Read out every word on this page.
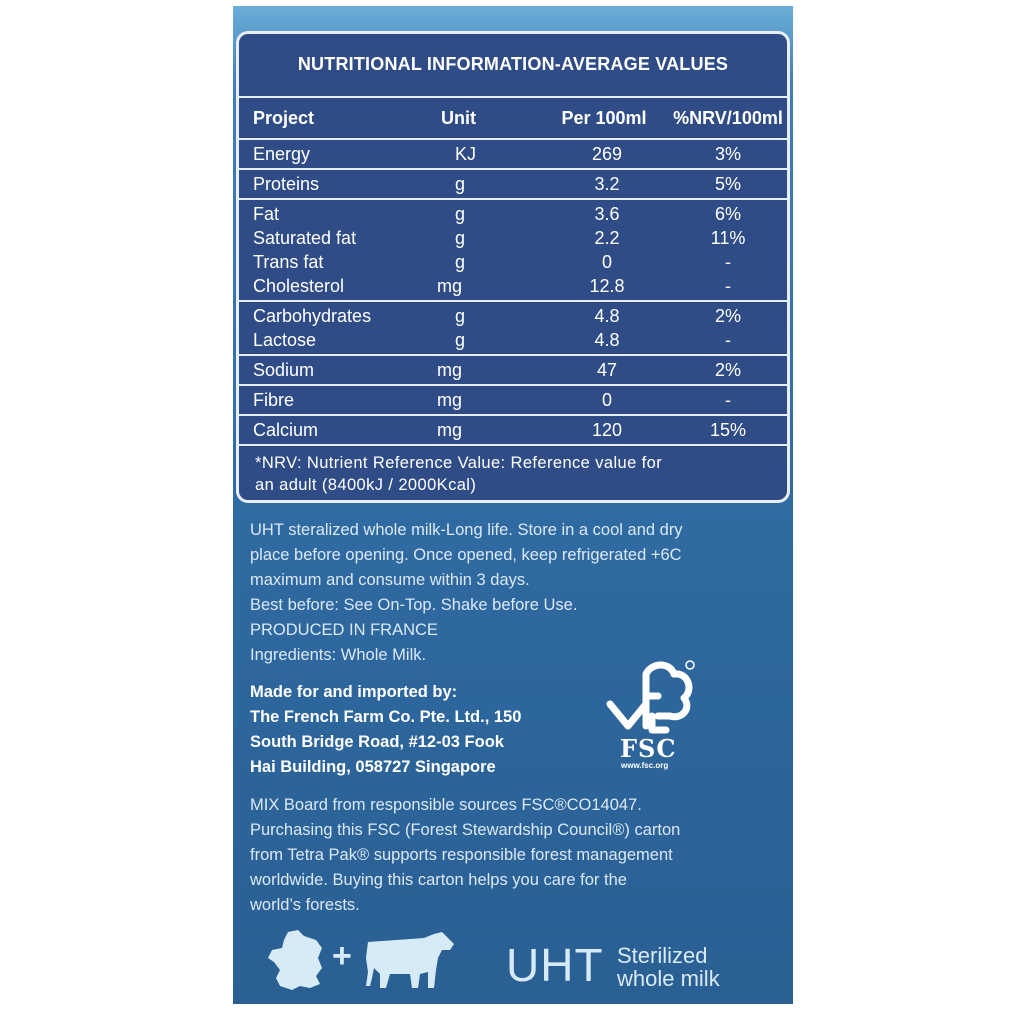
NUTRITIONAL INFORMATION-AVERAGE VALUES
Project	Unit	Per 100ml	%NRV/100ml
Energy	KJ	269	3%
Proteins	g	3.2	5%
Fat	g	3.6	6%
Saturated fat	g	2.2	11%
Trans fat	g	0	-
Cholesterol	mg	12.8	-
Carbohydrates	g	4.8	2%
Lactose	g	4.8	-
Sodium	mg	47	2%
Fibre	mg	0	-
Calcium	mg	120	15%
*NRV: Nutrient Reference Value: Reference value for
an adult (8400kJ / 2000Kcal)
UHT steralized whole milk-Long life. Store in a cool and dry
place before opening. Once opened, keep refrigerated +6C
maximum and consume within 3 days.
Best before: See On-Top. Shake before Use.
PRODUCED IN FRANCE
Ingredients: Whole Milk.
Made for and imported by:
The French Farm Co. Pte. Ltd., 150
South Bridge Road, #12-03 Fook
Hai Building, 058727 Singapore
FSC
www.fsc.org
MIX Board from responsible sources FSC®CO14047.
Purchasing this FSC (Forest Stewardship Council®) carton
from Tetra Pak® supports responsible forest management
worldwide. Buying this carton helps you care for the
world’s forests.
+	UHT Sterilized
whole milk
